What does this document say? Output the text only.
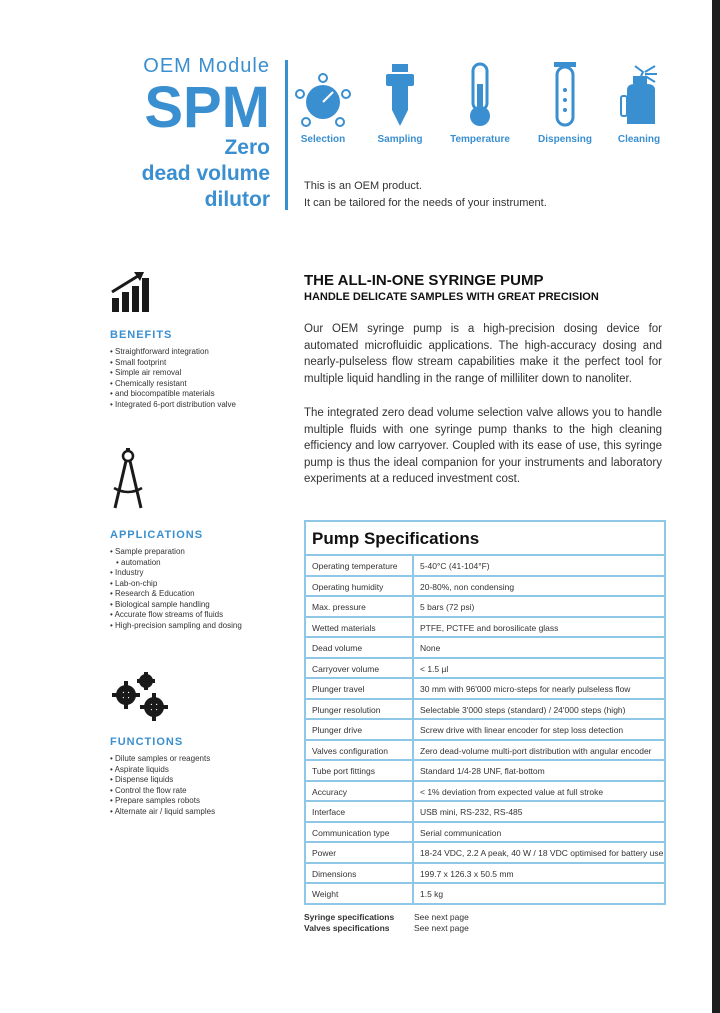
OEM Module
SPM
Zero
dead volume
dilutor
Selection	Sampling	Temperature	Dispensing	Cleaning
This is an OEM product.
It can be tailored for the needs of your instrument.
BENEFITS
• Straightforward integration
• Small footprint
• Simple air removal
• Chemically resistant
• and biocompatible materials
• Integrated 6-port distribution valve
APPLICATIONS
• Sample preparation
• automation
• Industry
• Lab-on-chip
• Research & Education
• Biological sample handling
• Accurate flow streams of fluids
• High-precision sampling and dosing
FUNCTIONS
• Dilute samples or reagents
• Aspirate liquids
• Dispense liquids
• Control the flow rate
• Prepare samples robots
• Alternate air / liquid samples
THE ALL-IN-ONE SYRINGE PUMP
HANDLE DELICATE SAMPLES WITH GREAT PRECISION

Our OEM syringe pump is a high-precision dosing device for automated microfluidic applications. The high-accuracy dosing and nearly-pulseless flow stream capabilities make it the perfect tool for multiple liquid handling in the range of milliliter down to nanoliter.

The integrated zero dead volume selection valve allows you to handle multiple fluids with one syringe pump thanks to the high cleaning efficiency and low carryover. Coupled with its ease of use, this syringe pump is thus the ideal companion for your instruments and laboratory experiments at a reduced investment cost.

Pump Specifications
Operating temperature	5-40°C (41-104°F)
Operating humidity	20-80%, non condensing
Max. pressure	5 bars (72 psi)
Wetted materials	PTFE, PCTFE and borosilicate glass
Dead volume	None
Carryover volume	< 1.5 µl
Plunger travel	30 mm with 96'000 micro-steps for nearly pulseless flow
Plunger resolution	Selectable 3'000 steps (standard) / 24'000 steps (high)
Plunger drive	Screw drive with linear encoder for step loss detection
Valves configuration	Zero dead-volume multi-port distribution with angular encoder
Tube port fittings	Standard 1/4-28 UNF, flat-bottom
Accuracy	< 1% deviation from expected value at full stroke
Interface	USB mini, RS-232, RS-485
Communication type	Serial communication
Power	18-24 VDC, 2.2 A peak, 40 W / 18 VDC optimised for battery use
Dimensions	199.7 x 126.3 x 50.5 mm
Weight	1.5 kg
Syringe specifications See next page
Valves specifications	See next page
